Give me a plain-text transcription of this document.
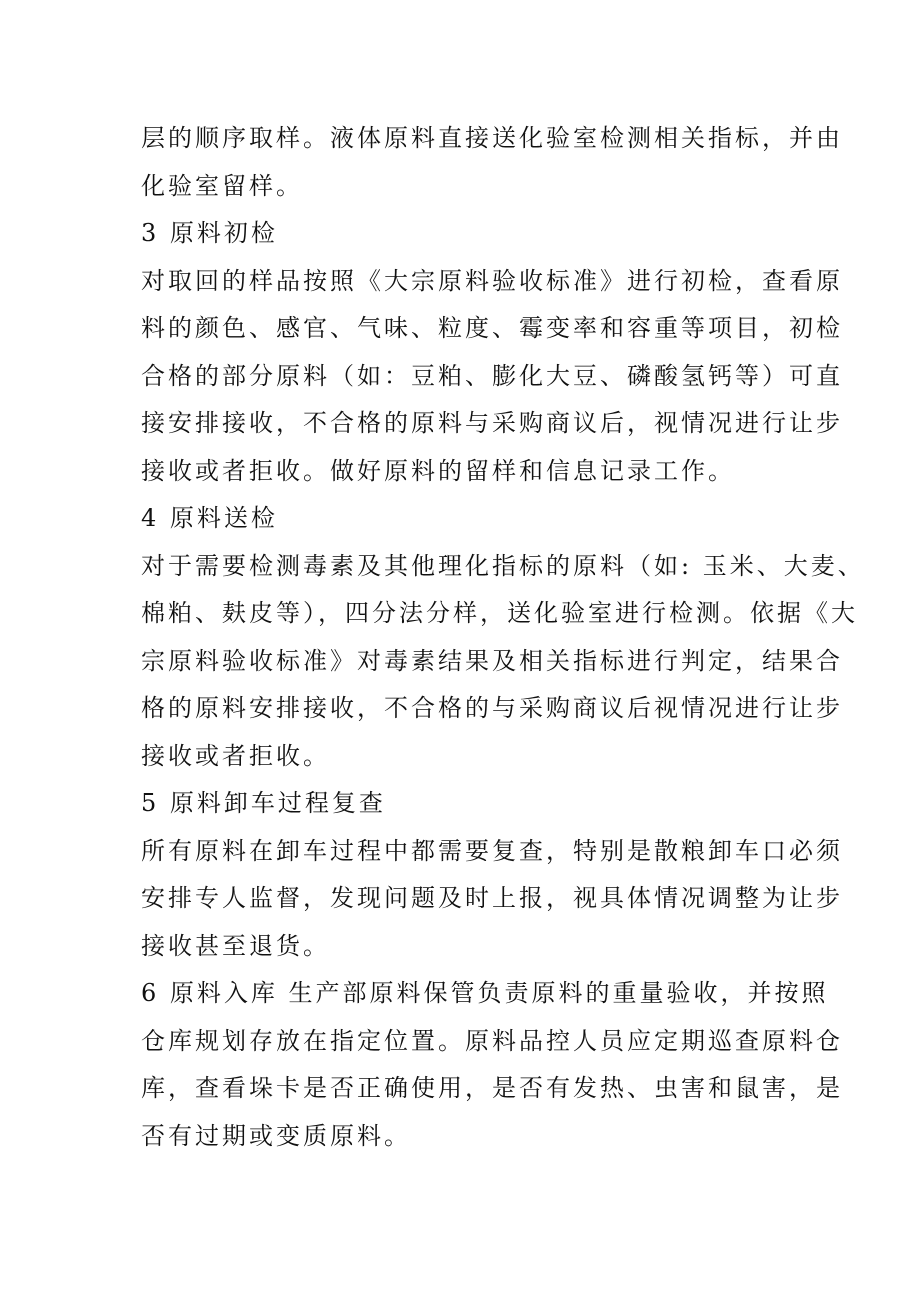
层的顺序取样。液体原料直接送化验室检测相关指标，并由
化验室留样。
3 原料初检
对取回的样品按照《大宗原料验收标准》进行初检，查看原
料的颜色、感官、气味、粒度、霉变率和容重等项目，初检
合格的部分原料（如：豆粕、膨化大豆、磷酸氢钙等）可直
接安排接收，不合格的原料与采购商议后，视情况进行让步
接收或者拒收。做好原料的留样和信息记录工作。
4 原料送检
对于需要检测毒素及其他理化指标的原料（如: 玉米、大麦、
棉粕、麸皮等），四分法分样，送化验室进行检测。依据《大
宗原料验收标准》对毒素结果及相关指标进行判定，结果合
格的原料安排接收，不合格的与采购商议后视情况进行让步
接收或者拒收。
5 原料卸车过程复查
所有原料在卸车过程中都需要复查，特别是散粮卸车口必须
安排专人监督，发现问题及时上报，视具体情况调整为让步
接收甚至退货。
6 原料入库 生产部原料保管负责原料的重量验收，并按照
仓库规划存放在指定位置。原料品控人员应定期巡查原料仓
库，查看垛卡是否正确使用，是否有发热、虫害和鼠害，是
否有过期或变质原料。
